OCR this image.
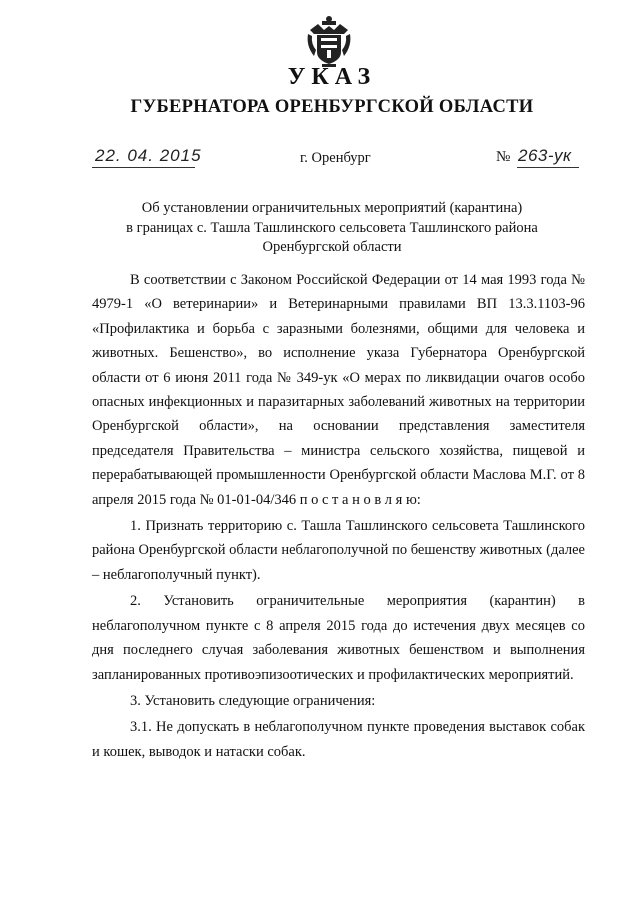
УКАЗ
ГУБЕРНАТОРА ОРЕНБУРГСКОЙ ОБЛАСТИ
22. 04. 2015	г. Оренбург	№ 263-ук
Об установлении ограничительных мероприятий (карантина)
в границах с. Ташла Ташлинского сельсовета Ташлинского района
Оренбургской области

В соответствии с Законом Российской Федерации от 14 мая 1993 года № 4979-1 «О ветеринарии» и Ветеринарными правилами ВП 13.3.1103-96 «Профилактика и борьба с заразными болезнями, общими для человека и животных. Бешенство», во исполнение указа Губернатора Оренбургской области от 6 июня 2011 года № 349-ук «О мерах по ликвидации очагов особо опасных инфекционных и паразитарных заболеваний животных на территории Оренбургской области», на основании представления заместителя председателя Правительства – министра сельского хозяйства, пищевой и перерабатывающей промышленности Оренбургской области Маслова М.Г. от 8 апреля 2015 года № 01-01-04/346 п о с т а н о в л я ю:

1. Признать территорию с. Ташла Ташлинского сельсовета Ташлинского района Оренбургской области неблагополучной по бешенству животных (далее – неблагополучный пункт).

2. Установить ограничительные мероприятия (карантин) в неблагополучном пункте с 8 апреля 2015 года до истечения двух месяцев со дня последнего случая заболевания животных бешенством и выполнения запланированных противоэпизоотических и профилактических мероприятий.

3. Установить следующие ограничения:

3.1. Не допускать в неблагополучном пункте проведения выставок собак и кошек, выводок и натаски собак.
